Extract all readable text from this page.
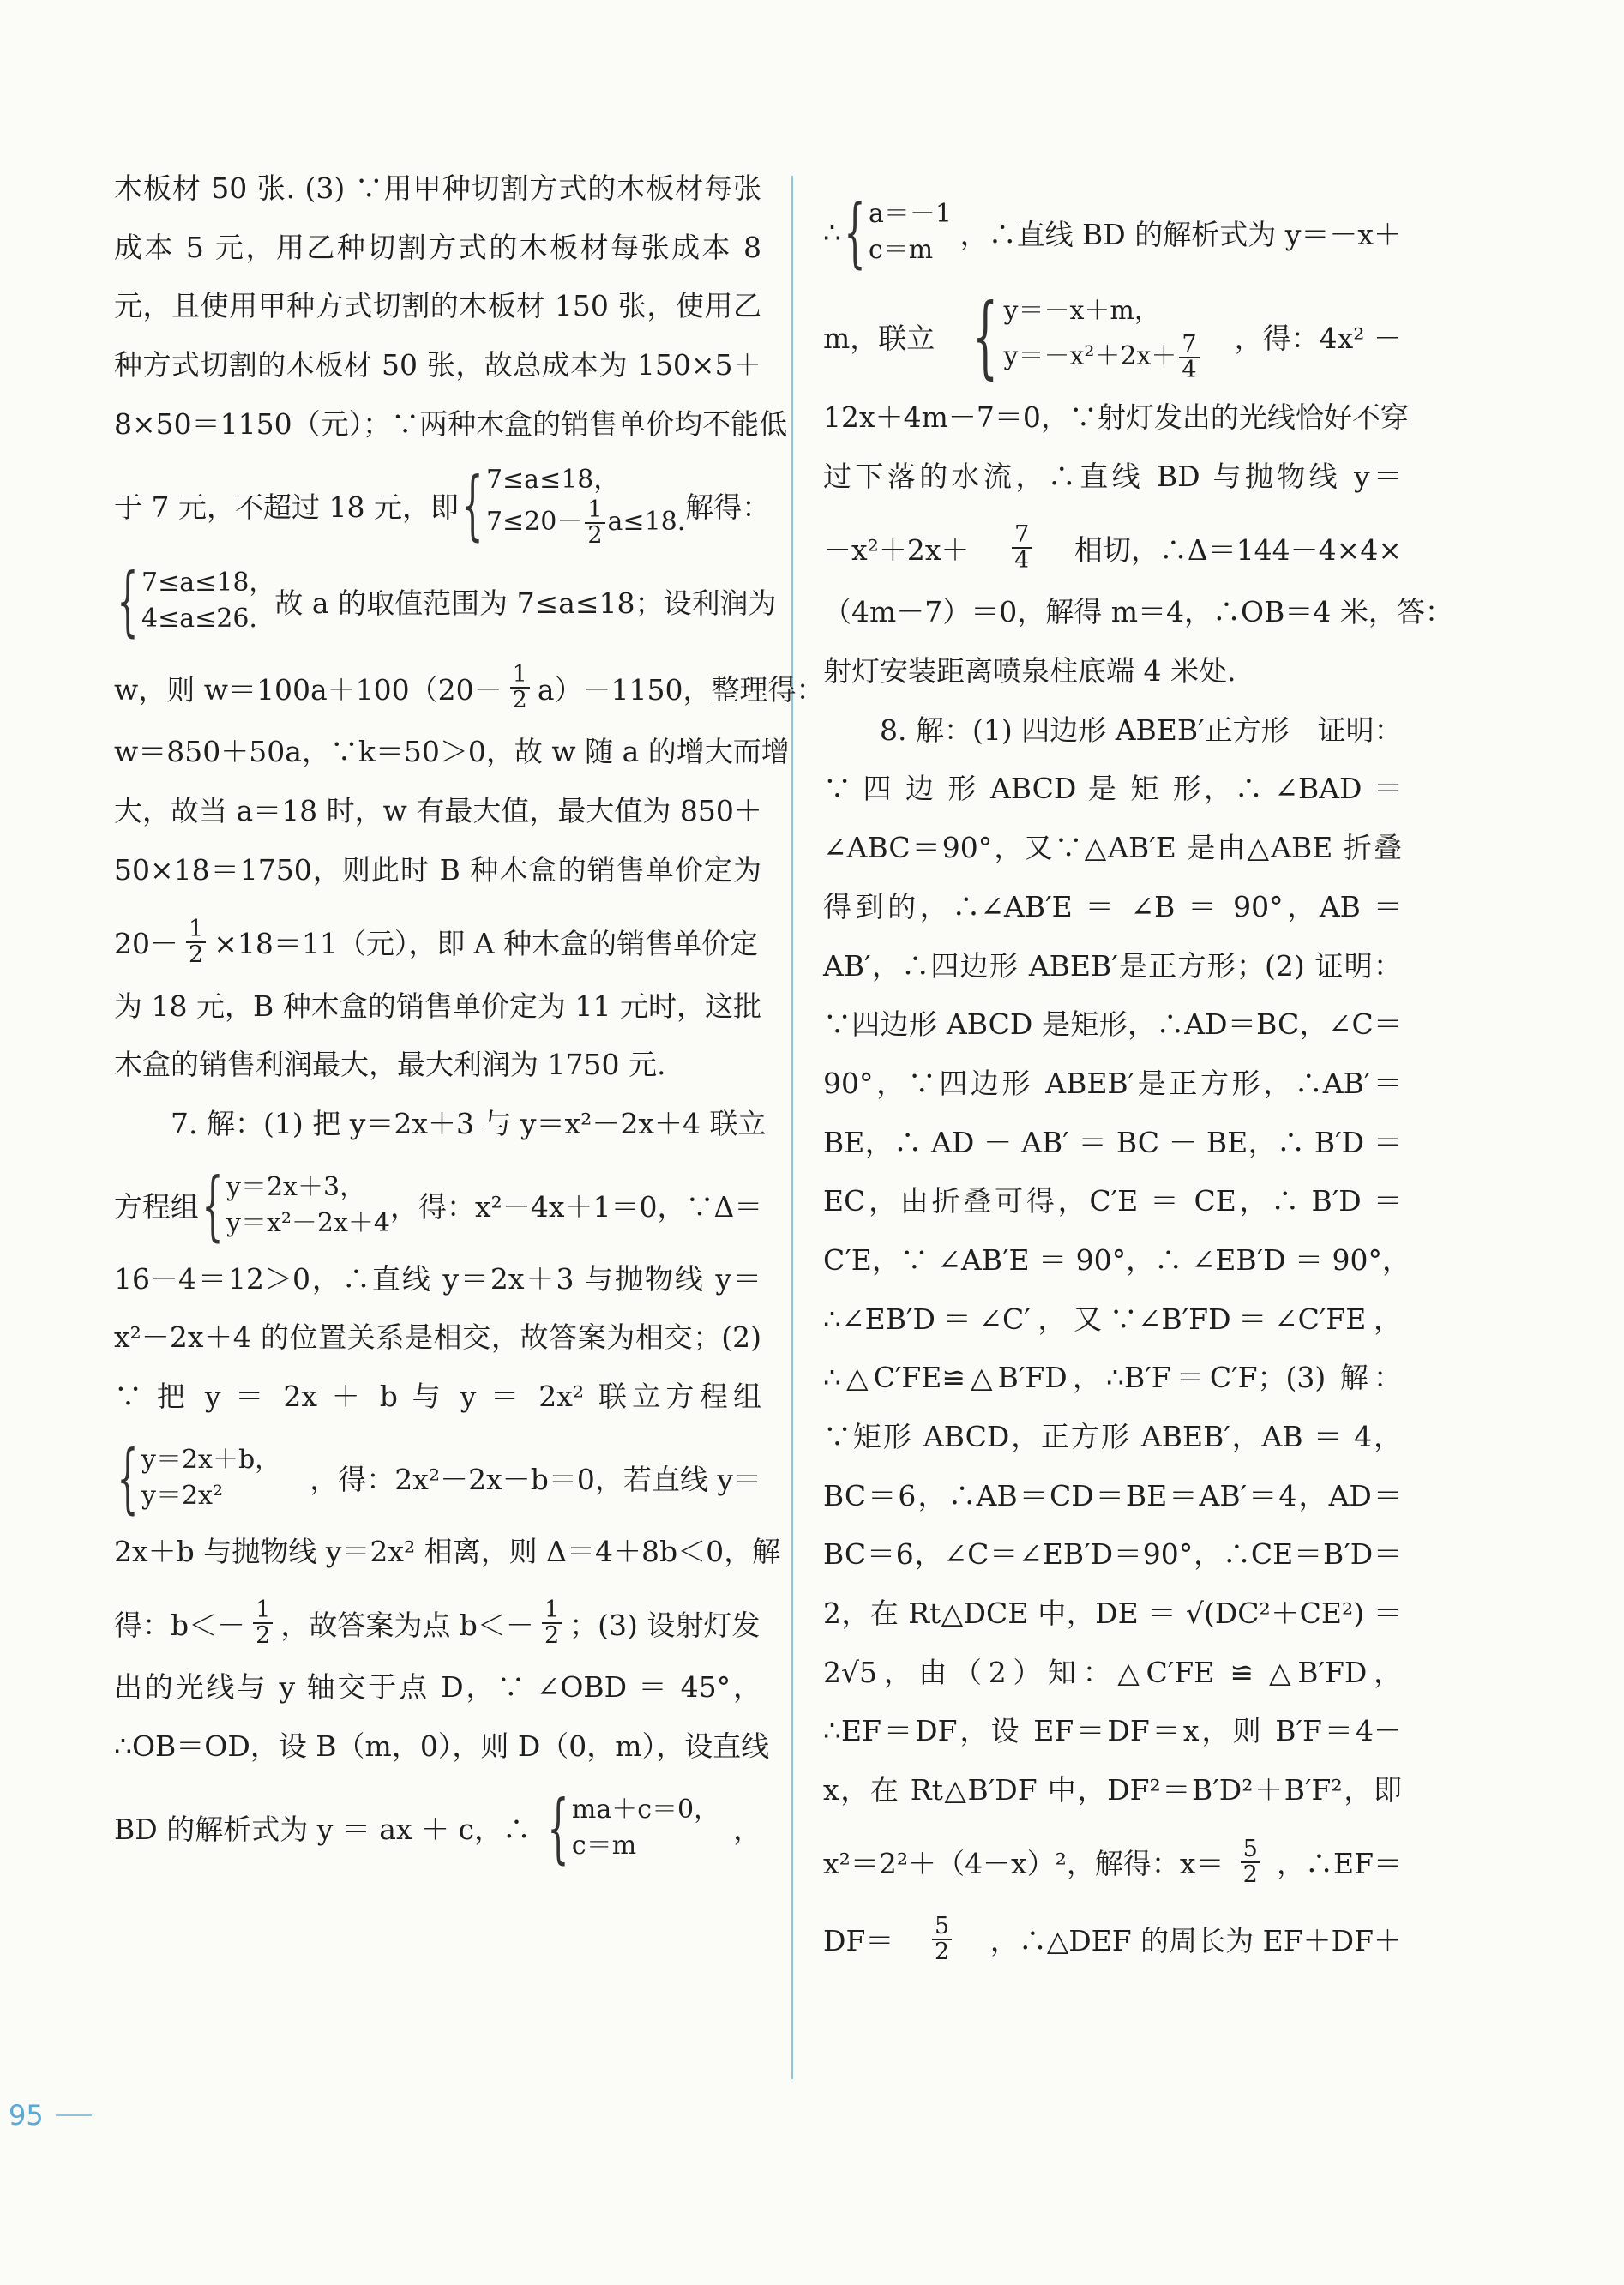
木板材 50 张. (3) ∵用甲种切割方式的木板材每张
成本 5 元，用乙种切割方式的木板材每张成本 8
元，且使用甲种方式切割的木板材 150 张，使用乙
种方式切割的木板材 50 张，故总成本为 150×5＋
8×50＝1150（元）；∵两种木盒的销售单价均不能低
于 7 元，不超过 18 元，即 { 7≤a≤18，
$7\le 20- \frac{1}{2} a\le 18$. 解得：
{ 7≤a≤18，
4≤a≤26. 故 a 的取值范围为 7≤a≤18；设利润为
w，则 $w=100a+100(20- \frac{1}{2} a)-1150$，整理得：
w＝850＋50a，∵k＝50＞0，故 w 随 a 的增大而增
大，故当 a＝18 时，w 有最大值，最大值为 850＋
50×18＝1750，则此时 B 种木盒的销售单价定为
$20- \frac{1}{2} \times 18=11$（元），即 A 种木盒的销售单价定
为 18 元，B 种木盒的销售单价定为 11 元时，这批
木盒的销售利润最大，最大利润为 1750 元.
7. 解：(1) 把 y＝2x＋3 与 y＝x²－2x＋4 联立
方程组 { y＝2x＋3，
y＝x²－2x＋4 ，得：x²－4x＋1＝0，∵Δ＝
16－4＝12＞0，∴直线 y＝2x＋3 与抛物线 y＝
x²－2x＋4 的位置关系是相交，故答案为相交；(2)
∵ 把 y ＝ 2x ＋ b 与 y ＝ 2x² 联立方程组
{ y＝2x＋b，
y＝2x²	，得：2x²－2x－b＝0，若直线 y＝
2x＋b 与抛物线 y＝2x² 相离，则 Δ＝4＋8b＜0，解
得：$b<- \frac{1}{2}$ ，故答案为点 $b<- \frac{1}{2}$ ；(3) 设射灯发
出的光线与 y 轴交于点 D，∵ ∠OBD ＝ 45°，
∴OB＝OD，设 B（m，0），则 D（0，m），设直线
BD 的解析式为 y ＝ ax ＋ c，∴ { ma＋c＝0，
c＝m	，
∴ { a＝－1
c＝m ，∴直线 BD 的解析式为 y＝－x＋
m，联立 { y＝－x＋m，
$y=-x^2+2x+ \frac{7}{4}$ ，得：4x² －
12x＋4m－7＝0，∵射灯发出的光线恰好不穿
过下落的水流，∴直线 BD 与抛物线 y＝
$-x^2+2x+ \frac{7}{4}$ 相切，∴Δ＝144－4×4×
（4m－7）＝0，解得 m＝4，∴OB＝4 米，答：
射灯安装距离喷泉柱底端 4 米处.
8. 解：(1) 四边形 ABEB′正方形　证明：
∵ 四 边 形 ABCD 是 矩 形，∴ ∠BAD ＝
∠ABC＝90°，又∵△AB′E 是由△ABE 折叠
得到的，∴∠AB′E ＝ ∠B ＝ 90°，AB ＝
AB′，∴四边形 ABEB′是正方形；(2) 证明：
∵四边形 ABCD 是矩形，∴AD＝BC，∠C＝
90°，∵四边形 ABEB′是正方形，∴AB′＝
BE，∴ AD － AB′ ＝ BC － BE，∴ B′D ＝
EC，由折叠可得，C′E ＝ CE，∴ B′D ＝
C′E，∵ ∠AB′E ＝ 90°，∴ ∠EB′D ＝ 90°，
∴∠EB′D＝∠C′，又∵∠B′FD＝∠C′FE，
∴△C′FE≌△B′FD，∴B′F＝C′F；(3) 解：
∵矩形 ABCD，正方形 ABEB′，AB ＝ 4，
BC＝6，∴AB＝CD＝BE＝AB′＝4，AD＝
BC＝6，∠C＝∠EB′D＝90°，∴CE＝B′D＝
2，在 Rt△DCE 中，DE ＝ √(DC²＋CE²) ＝
2√5，由（2）知：△C′FE ≌ △B′FD，
∴EF＝DF，设 EF＝DF＝x，则 B′F＝4－
x，在 Rt△B′DF 中，DF²＝B′D²＋B′F²，即
x²＝2²＋（4－x）²，解得：$x= \frac{5}{2}$ ，∴EF＝
$DF= \frac{5}{2}$ ，∴△DEF 的周长为 EF＋DF＋
95
